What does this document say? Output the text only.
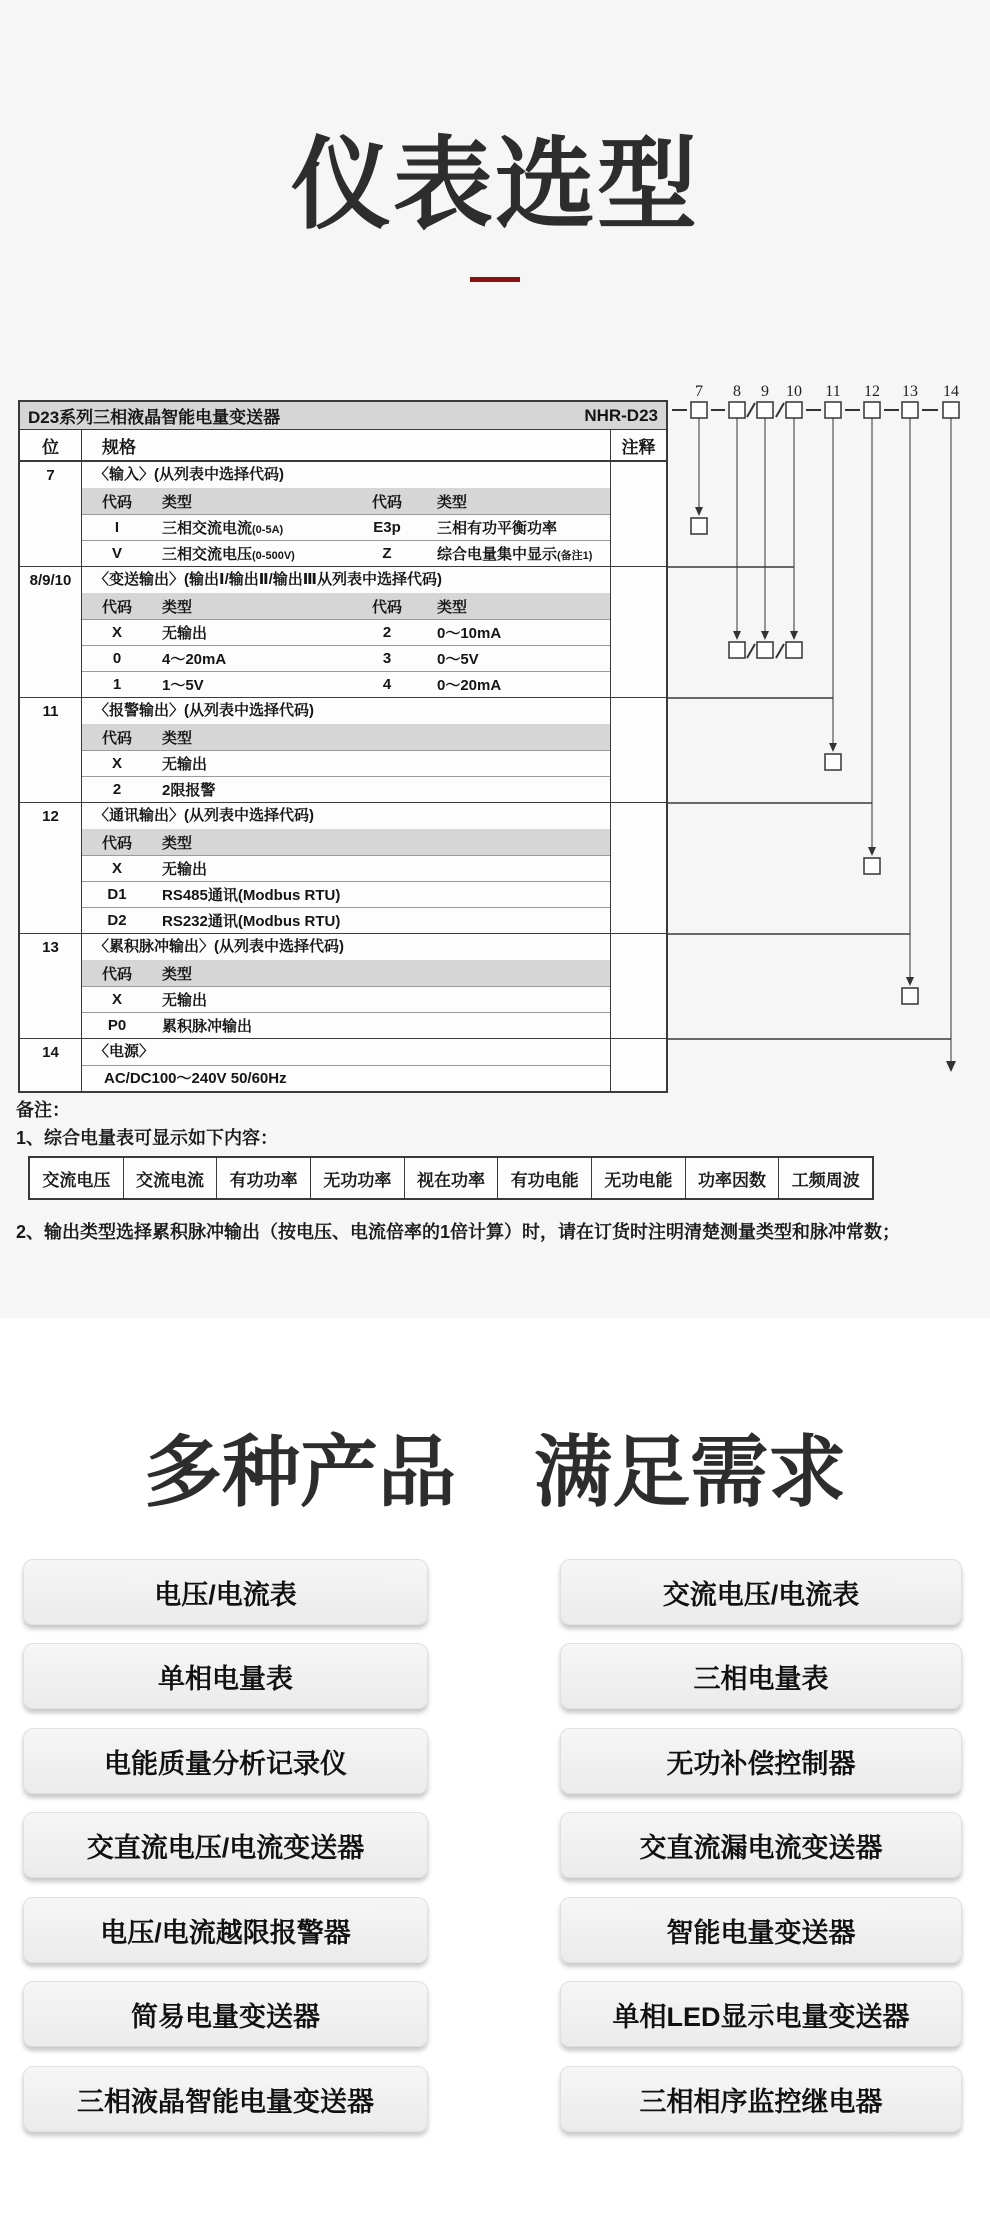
仪表选型
D23系列三相液晶智能电量变送器	NHR-D23
位	规格	注释
7	〈输入〉(从列表中选择代码)
代码	类型	代码	类型
I	三相交流电流(0-5A)	E3p	三相有功平衡功率
V	三相交流电压(0-500V)	Z	综合电量集中显示(备注1)
8/9/10	〈变送输出〉(输出Ⅰ/输出Ⅱ/输出Ⅲ从列表中选择代码)
代码	类型	代码	类型
X	无输出	2	0～10mA
0	4～20mA	3	0～5V
1	1～5V	4	0～20mA
11	〈报警输出〉(从列表中选择代码)
代码	类型
X	无输出
2	2限报警
12	〈通讯输出〉(从列表中选择代码)
代码	类型
X	无输出
D1	RS485通讯(Modbus RTU)
D2	RS232通讯(Modbus RTU)
13	〈累积脉冲输出〉(从列表中选择代码)
代码	类型
X	无输出
P0	累积脉冲输出
14	〈电源〉
AC/DC100～240V 50/60Hz
7 8 9 10 11 12 13 14
备注：
1、综合电量表可显示如下内容：
交流电压	交流电流	有功功率	无功功率	视在功率	有功电能	无功电能	功率因数	工频周波
2、输出类型选择累积脉冲输出（按电压、电流倍率的1倍计算）时，请在订货时注明清楚测量类型和脉冲常数；
多种产品　满足需求
电压/电流表
单相电量表
电能质量分析记录仪
交直流电压/电流变送器
电压/电流越限报警器
简易电量变送器
三相液晶智能电量变送器
交流电压/电流表
三相电量表
无功补偿控制器
交直流漏电流变送器
智能电量变送器
单相LED显示电量变送器
三相相序监控继电器
